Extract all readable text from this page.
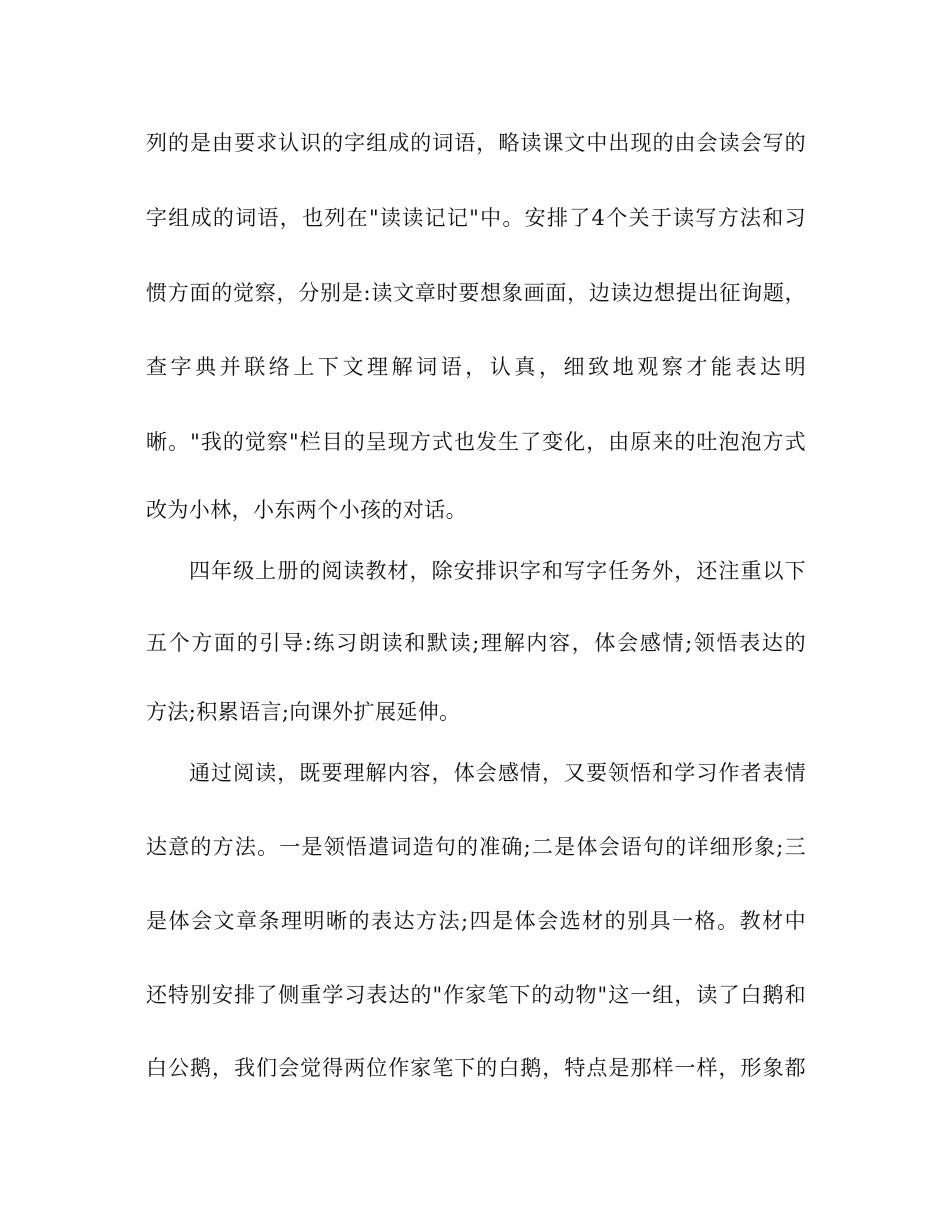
列的是由要求认识的字组成的词语，略读课文中出现的由会读会写的
字组成的词语，也列在"读读记记"中。安排了4个关于读写方法和习
惯方面的觉察，分别是:读文章时要想象画面，边读边想提出征询题，
查字典并联络上下文理解词语，认真，细致地观察才能表达明
晰。"我的觉察"栏目的呈现方式也发生了变化，由原来的吐泡泡方式
改为小林，小东两个小孩的对话。
四年级上册的阅读教材，除安排识字和写字任务外，还注重以下
五个方面的引导:练习朗读和默读;理解内容，体会感情;领悟表达的
方法;积累语言;向课外扩展延伸。
通过阅读，既要理解内容，体会感情，又要领悟和学习作者表情
达意的方法。一是领悟遣词造句的准确;二是体会语句的详细形象;三
是体会文章条理明晰的表达方法;四是体会选材的别具一格。教材中
还特别安排了侧重学习表达的"作家笔下的动物"这一组，读了白鹅和
白公鹅，我们会觉得两位作家笔下的白鹅，特点是那样一样，形象都
